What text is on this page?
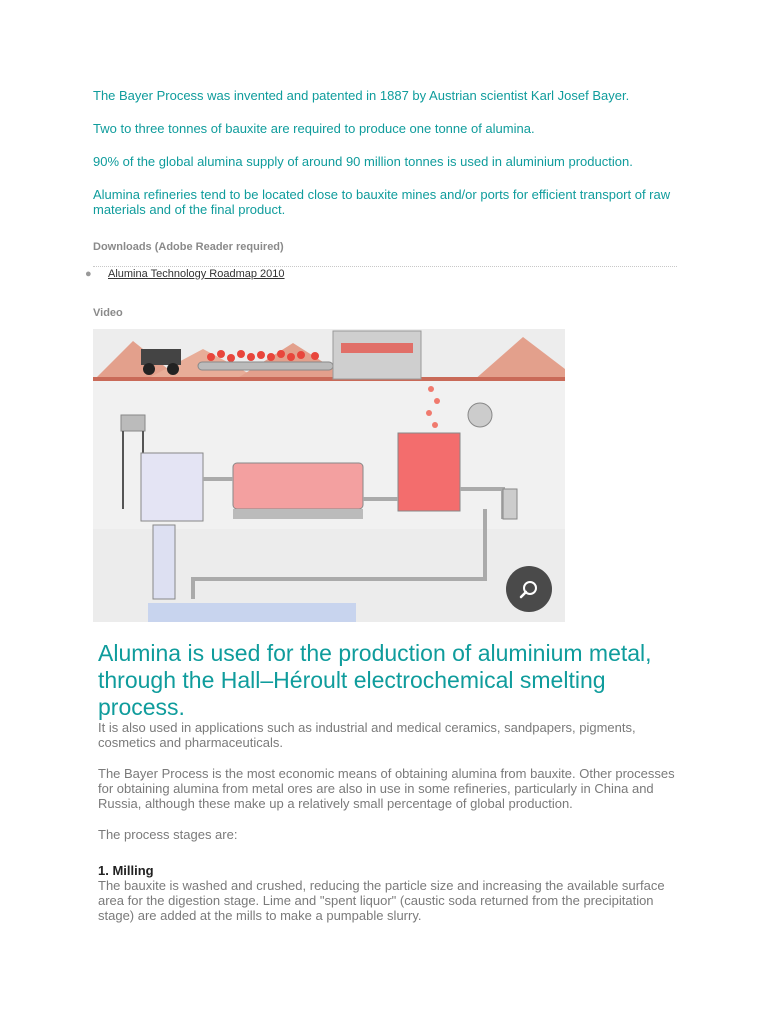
The Bayer Process was invented and patented in 1887 by Austrian scientist Karl Josef Bayer.

Two to three tonnes of bauxite are required to produce one tonne of alumina.

90% of the global alumina supply of around 90 million tonnes is used in aluminium production.

Alumina refineries tend to be located close to bauxite mines and/or ports for efficient transport of raw materials and of the final product.

Downloads (Adobe Reader required)

●	Alumina Technology Roadmap 2010

Video

Alumina is used for the production of aluminium metal, through the Hall–Héroult electrochemical smelting process.

It is also used in applications such as industrial and medical ceramics, sandpapers, pigments, cosmetics and pharmaceuticals.

The Bayer Process is the most economic means of obtaining alumina from bauxite. Other processes for obtaining alumina from metal ores are also in use in some refineries, particularly in China and Russia, although these make up a relatively small percentage of global production.

The process stages are:

1. Milling

The bauxite is washed and crushed, reducing the particle size and increasing the available surface area for the digestion stage. Lime and "spent liquor" (caustic soda returned from the precipitation stage) are added at the mills to make a pumpable slurry.
